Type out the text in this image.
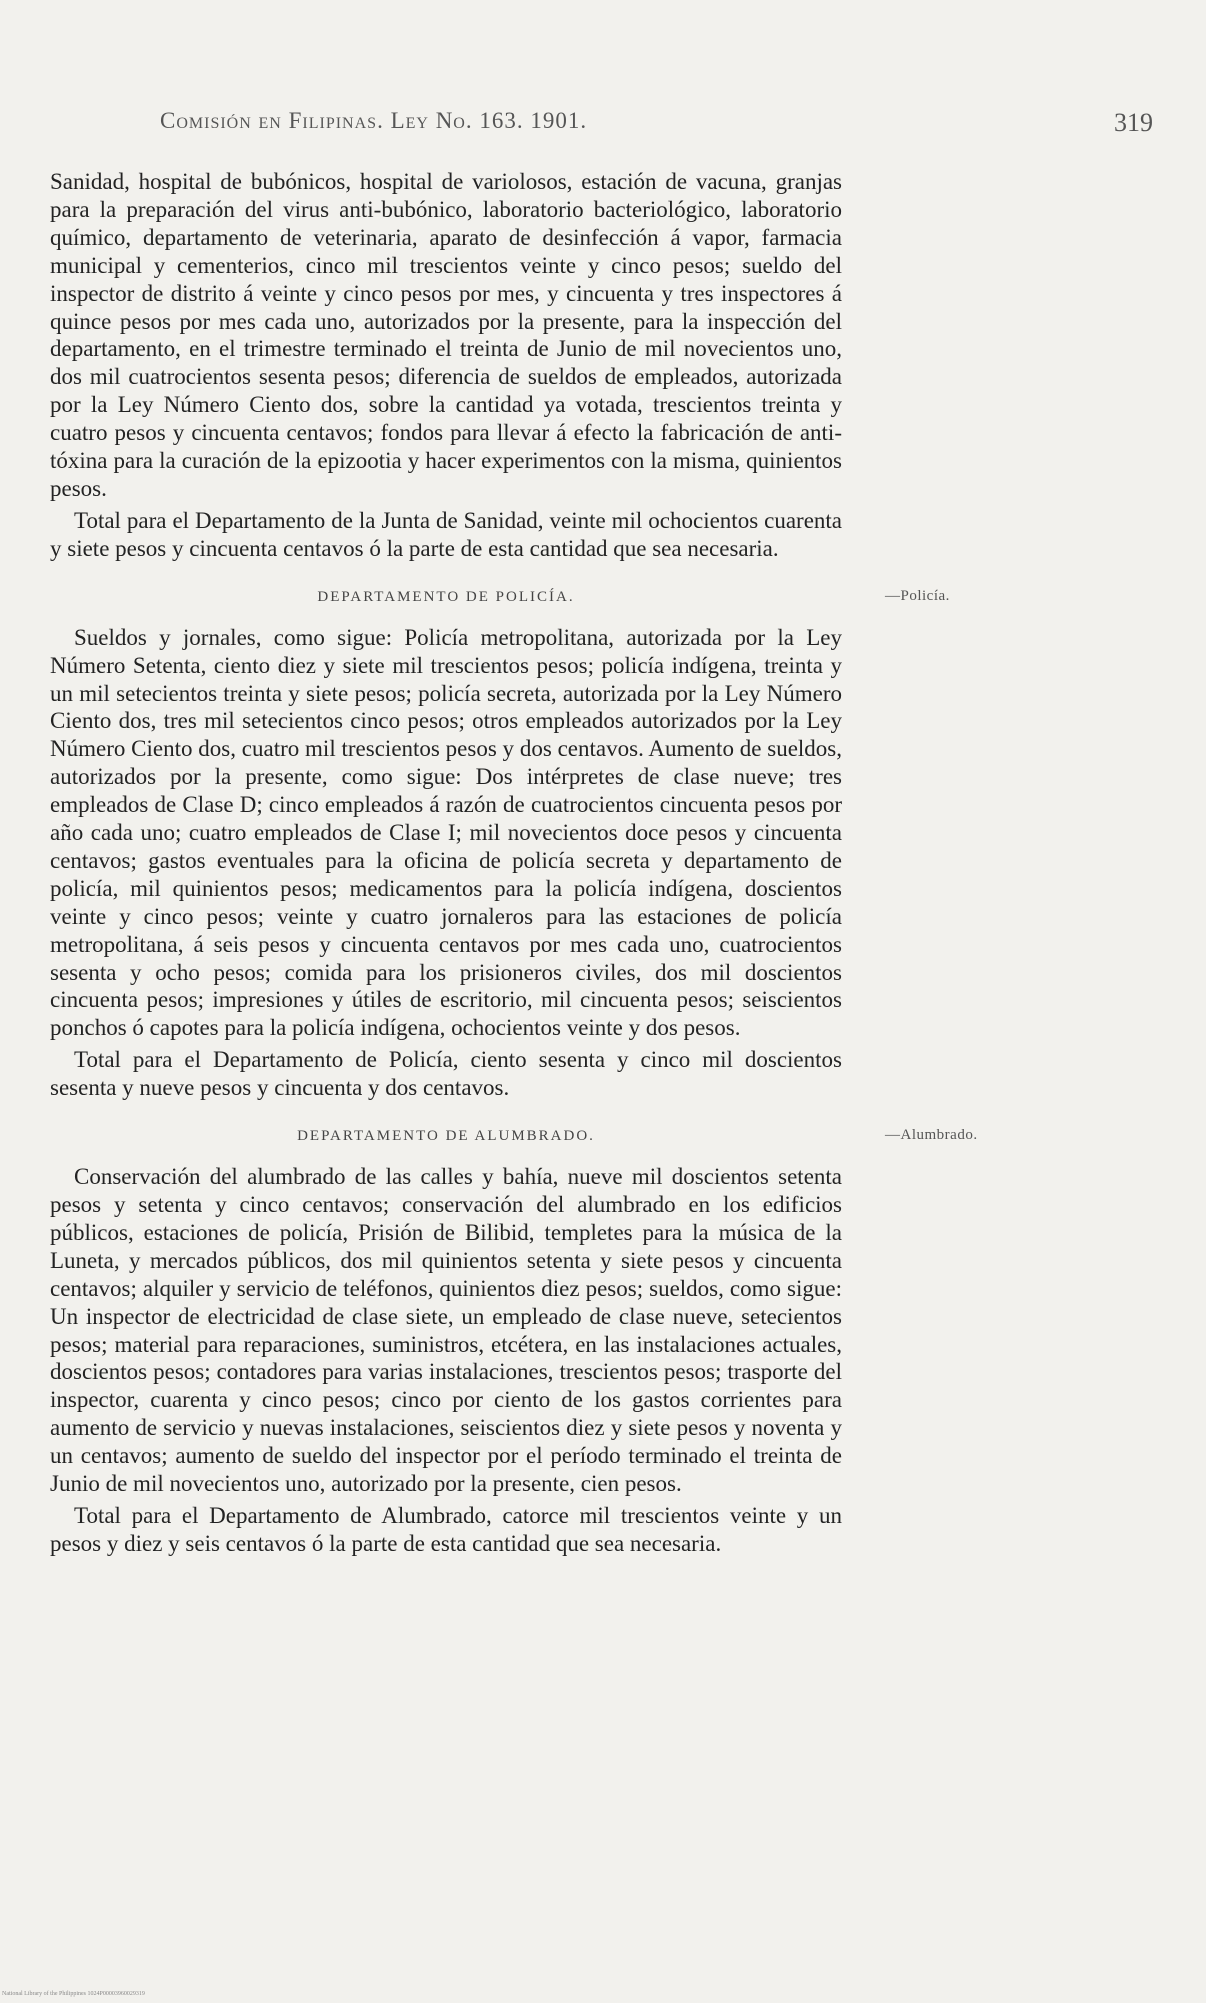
Comisión en Filipinas. Ley No. 163. 1901.	319

Sanidad, hospital de bubónicos, hospital de variolosos, estación de vacuna, granjas para la preparación del virus anti-bubónico, laboratorio bacteriológico, laboratorio químico, departamento de veterinaria, aparato de desinfección á vapor, farmacia municipal y cementerios, cinco mil trescientos veinte y cinco pesos; sueldo del inspector de distrito á veinte y cinco pesos por mes, y cincuenta y tres inspectores á quince pesos por mes cada uno, autorizados por la presente, para la inspección del departamento, en el trimestre terminado el treinta de Junio de mil novecientos uno, dos mil cuatrocientos sesenta pesos; diferencia de sueldos de empleados, autorizada por la Ley Número Ciento dos, sobre la cantidad ya votada, trescientos treinta y cuatro pesos y cincuenta centavos; fondos para llevar á efecto la fabricación de anti-tóxina para la curación de la epizootia y hacer experimentos con la misma, quinientos pesos.

Total para el Departamento de la Junta de Sanidad, veinte mil ochocientos cuarenta y siete pesos y cincuenta centavos ó la parte de esta cantidad que sea necesaria.

DEPARTAMENTO DE POLICÍA.	—Policía.

Sueldos y jornales, como sigue: Policía metropolitana, autorizada por la Ley Número Setenta, ciento diez y siete mil trescientos pesos; policía indígena, treinta y un mil setecientos treinta y siete pesos; policía secreta, autorizada por la Ley Número Ciento dos, tres mil setecientos cinco pesos; otros empleados autorizados por la Ley Número Ciento dos, cuatro mil trescientos pesos y dos centavos. Aumento de sueldos, autorizados por la presente, como sigue: Dos intérpretes de clase nueve; tres empleados de Clase D; cinco empleados á razón de cuatrocientos cincuenta pesos por año cada uno; cuatro empleados de Clase I; mil novecientos doce pesos y cincuenta centavos; gastos eventuales para la oficina de policía secreta y departamento de policía, mil quinientos pesos; medicamentos para la policía indígena, doscientos veinte y cinco pesos; veinte y cuatro jornaleros para las estaciones de policía metropolitana, á seis pesos y cincuenta centavos por mes cada uno, cuatrocientos sesenta y ocho pesos; comida para los prisioneros civiles, dos mil doscientos cincuenta pesos; impresiones y útiles de escritorio, mil cincuenta pesos; seiscientos ponchos ó capotes para la policía indígena, ochocientos veinte y dos pesos.

Total para el Departamento de Policía, ciento sesenta y cinco mil doscientos sesenta y nueve pesos y cincuenta y dos centavos.

DEPARTAMENTO DE ALUMBRADO.	—Alumbrado.

Conservación del alumbrado de las calles y bahía, nueve mil doscientos setenta pesos y setenta y cinco centavos; conservación del alumbrado en los edificios públicos, estaciones de policía, Prisión de Bilibid, templetes para la música de la Luneta, y mercados públicos, dos mil quinientos setenta y siete pesos y cincuenta centavos; alquiler y servicio de teléfonos, quinientos diez pesos; sueldos, como sigue: Un inspector de electricidad de clase siete, un empleado de clase nueve, setecientos pesos; material para reparaciones, suministros, etcétera, en las instalaciones actuales, doscientos pesos; contadores para varias instalaciones, trescientos pesos; trasporte del inspector, cuarenta y cinco pesos; cinco por ciento de los gastos corrientes para aumento de servicio y nuevas instalaciones, seiscientos diez y siete pesos y noventa y un centavos; aumento de sueldo del inspector por el período terminado el treinta de Junio de mil novecientos uno, autorizado por la presente, cien pesos.

Total para el Departamento de Alumbrado, catorce mil trescientos veinte y un pesos y diez y seis centavos ó la parte de esta cantidad que sea necesaria.

National Library of the Philippines 1024P00003960029319
